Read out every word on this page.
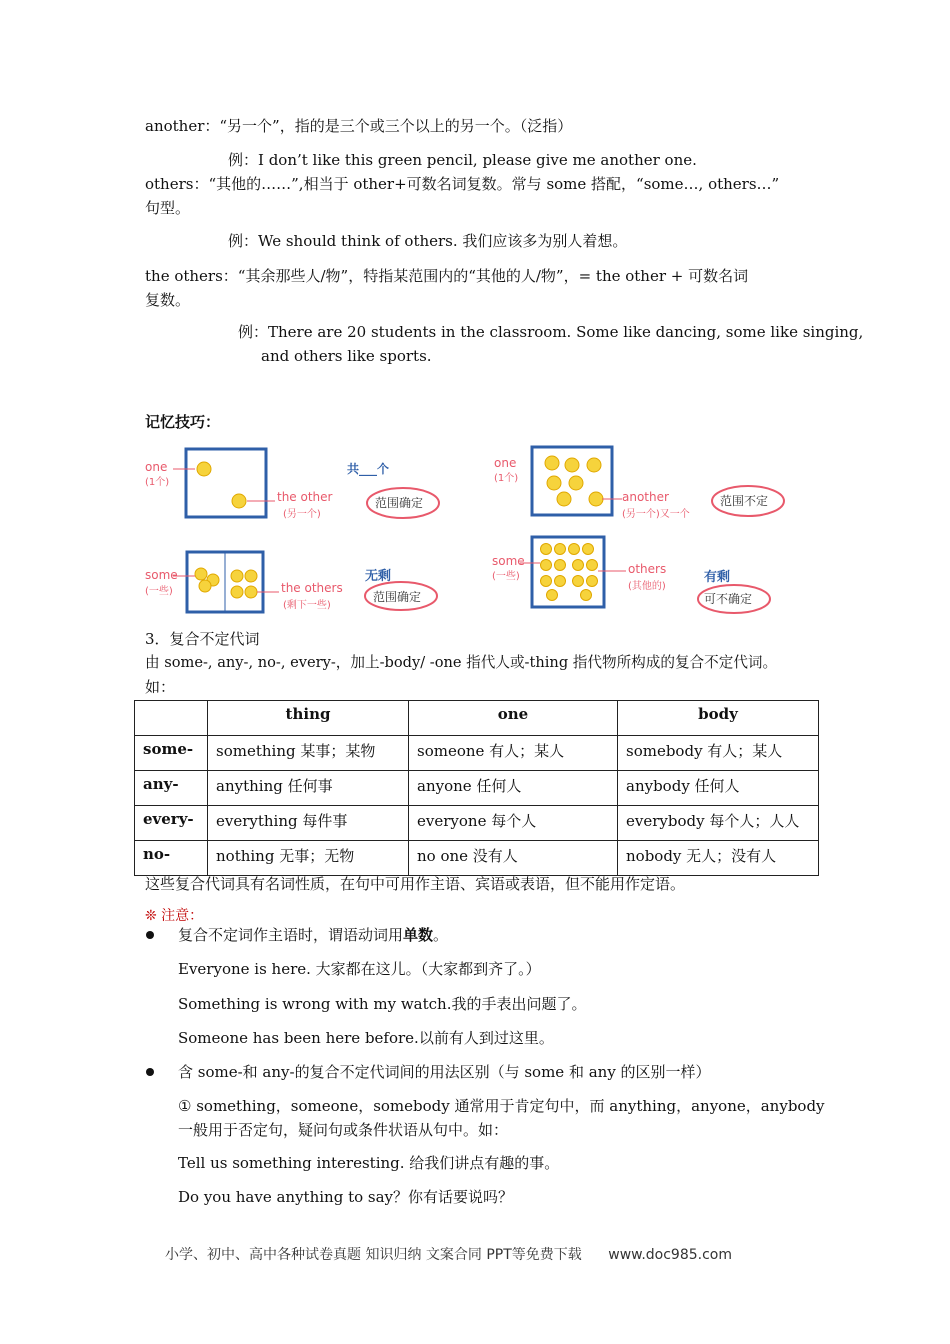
another：“另一个”，指的是三个或三个以上的另一个。（泛指）
例：I don’t like this green pencil, please give me another one.
others：“其他的……”,相当于 other+可数名词复数。常与 some 搭配，“some…, others…”
句型。
例：We should think of others. 我们应该多为别人着想。
the others：“其余那些人/物”，特指某范围内的“其他的人/物”，= the other + 可数名词
复数。
例：There are 20 students in the classroom. Some like dancing, some like singing,
and others like sports.
记忆技巧：
one
(1个)
the other
(另一个)
共___个
范围确定
one
(1个)
another
(另一个)又一个
范围不定
some
(一些)	the others
(剩下一些)
无剩
范围确定
some
(一些)
others
(其他的)
有剩
可不确定
3．复合不定代词
由 some-, any-, no-, every-，加上-body/ -one 指代人或-thing 指代物所构成的复合不定代词。
如：
	thing	one	body
some-	something 某事；某物	someone 有人；某人	somebody 有人；某人
any-	anything 任何事	anyone 任何人	anybody 任何人
every-	everything 每件事	everyone 每个人	everybody 每个人；人人
no-	nothing 无事；无物	no one 没有人	nobody 无人；没有人
这些复合代词具有名词性质，在句中可用作主语、宾语或表语，但不能用作定语。
❊ 注意：
复合不定词作主语时，谓语动词用单数。
Everyone is here. 大家都在这儿。（大家都到齐了。）
Something is wrong with my watch.我的手表出问题了。
Someone has been here before.以前有人到过这里。
含 some-和 any-的复合不定代词间的用法区别（与 some 和 any 的区别一样）
① something，someone，somebody 通常用于肯定句中，而 anything，anyone，anybody
一般用于否定句，疑问句或条件状语从句中。如：
Tell us something interesting. 给我们讲点有趣的事。
Do you have anything to say？你有话要说吗？
小学、初中、高中各种试卷真题 知识归纳 文案合同 PPT等免费下载 www.doc985.com
